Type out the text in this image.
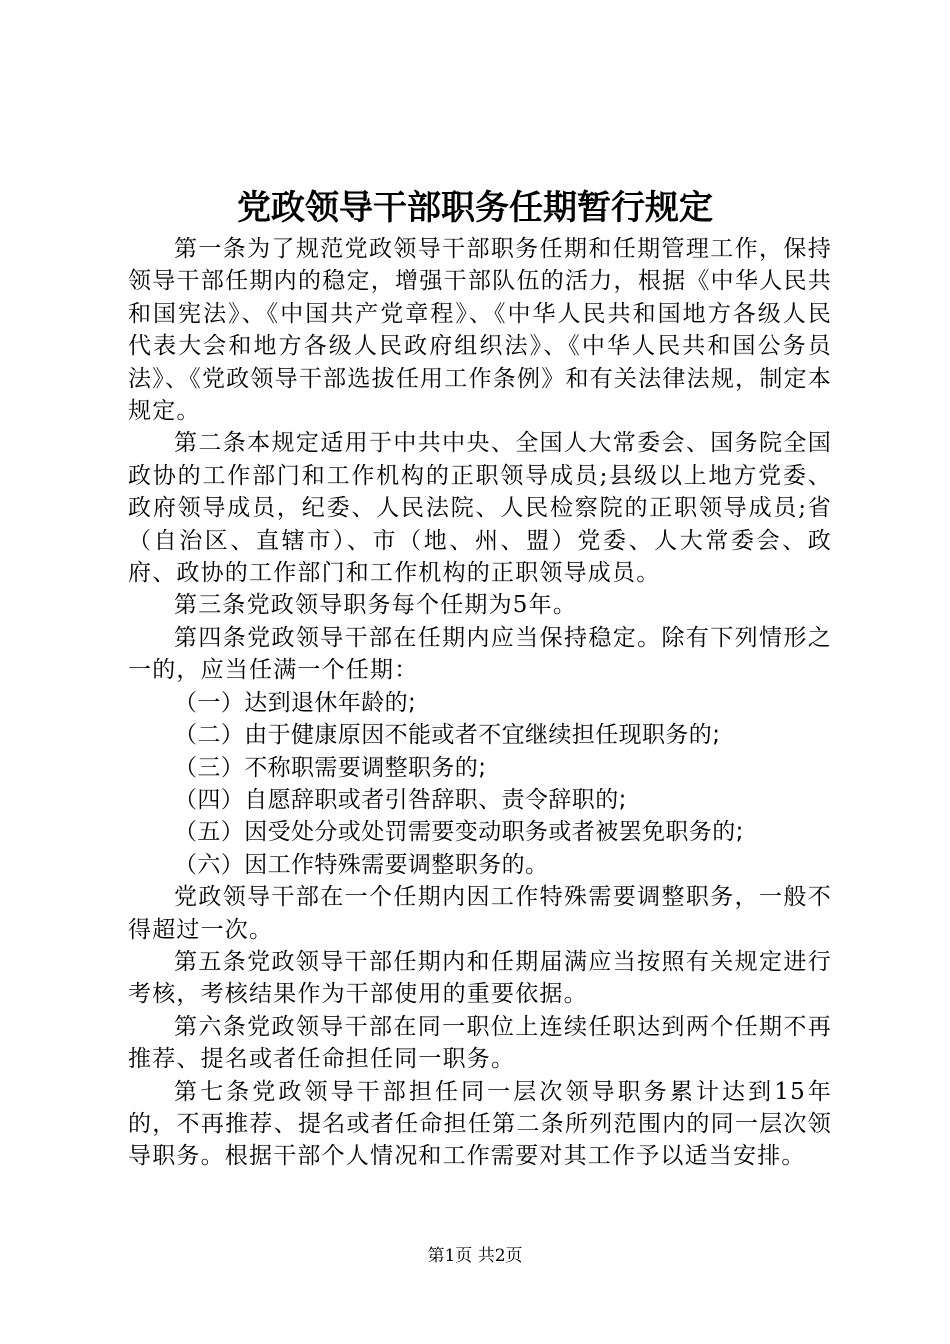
党政领导干部职务任期暂行规定

第一条为了规范党政领导干部职务任期和任期管理工作，保持领导干部任期内的稳定，增强干部队伍的活力，根据《中华人民共和国宪法》、《中国共产党章程》、《中华人民共和国地方各级人民代表大会和地方各级人民政府组织法》、《中华人民共和国公务员法》、《党政领导干部选拔任用工作条例》和有关法律法规，制定本规定。

第二条本规定适用于中共中央、全国人大常委会、国务院全国政协的工作部门和工作机构的正职领导成员;县级以上地方党委、政府领导成员，纪委、人民法院、人民检察院的正职领导成员;省（自治区、直辖市）、市（地、州、盟）党委、人大常委会、政府、政协的工作部门和工作机构的正职领导成员。

第三条党政领导职务每个任期为5年。

第四条党政领导干部在任期内应当保持稳定。除有下列情形之一的，应当任满一个任期：

（一）达到退休年龄的;

（二）由于健康原因不能或者不宜继续担任现职务的;

（三）不称职需要调整职务的;

（四）自愿辞职或者引咎辞职、责令辞职的;

（五）因受处分或处罚需要变动职务或者被罢免职务的;

（六）因工作特殊需要调整职务的。

党政领导干部在一个任期内因工作特殊需要调整职务，一般不得超过一次。

第五条党政领导干部任期内和任期届满应当按照有关规定进行考核，考核结果作为干部使用的重要依据。

第六条党政领导干部在同一职位上连续任职达到两个任期不再推荐、提名或者任命担任同一职务。

第七条党政领导干部担任同一层次领导职务累计达到15年的，不再推荐、提名或者任命担任第二条所列范围内的同一层次领导职务。根据干部个人情况和工作需要对其工作予以适当安排。

第1页 共2页
